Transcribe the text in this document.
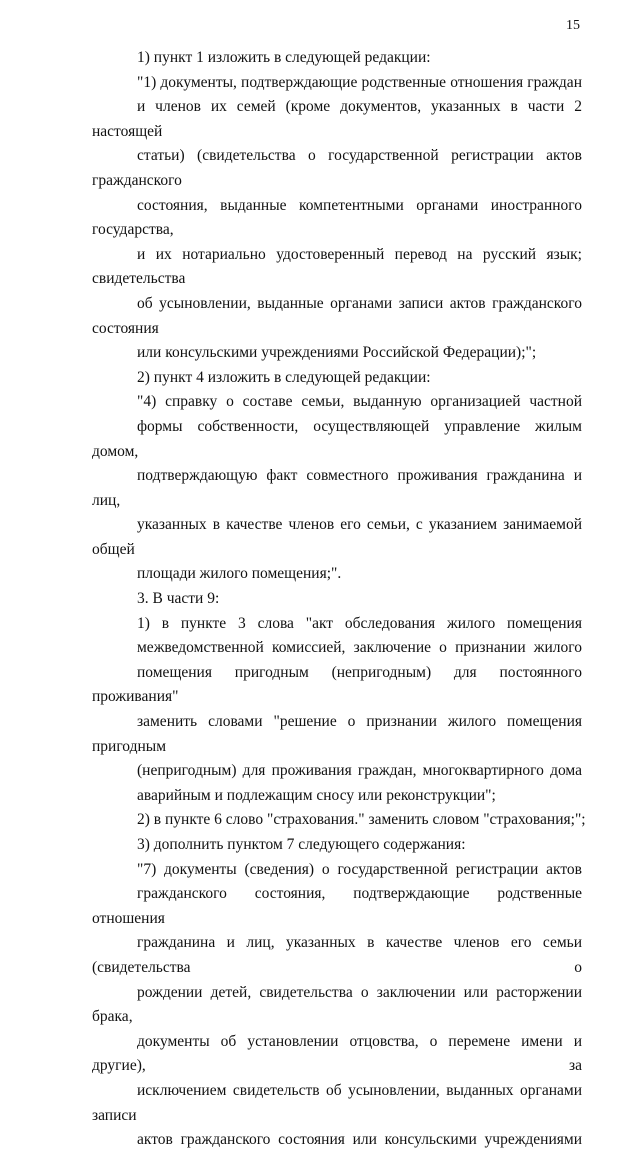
15

1) пункт 1 изложить в следующей редакции:

"1) документы, подтверждающие родственные отношения граждан
и членов их семей (кроме документов, указанных в части 2 настоящей
статьи) (свидетельства о государственной регистрации актов гражданского
состояния, выданные компетентными органами иностранного государства,
и их нотариально удостоверенный перевод на русский язык; свидетельства
об усыновлении, выданные органами записи актов гражданского состояния
или консульскими учреждениями Российской Федерации);";

2) пункт 4 изложить в следующей редакции:

"4) справку о составе семьи, выданную организацией частной
формы собственности, осуществляющей управление жилым домом,
подтверждающую факт совместного проживания гражданина и лиц,
указанных в качестве членов его семьи, с указанием занимаемой общей
площади жилого помещения;".

3. В части 9:

1) в пункте 3 слова "акт обследования жилого помещения
межведомственной комиссией, заключение о признании жилого
помещения пригодным (непригодным) для постоянного проживания"
заменить словами "решение о признании жилого помещения пригодным
(непригодным) для проживания граждан, многоквартирного дома
аварийным и подлежащим сносу или реконструкции";

2) в пункте 6 слово "страхования." заменить словом "страхования;";

3) дополнить пунктом 7 следующего содержания:

"7) документы (сведения) о государственной регистрации актов
гражданского состояния, подтверждающие родственные отношения
гражданина и лиц, указанных в качестве членов его семьи (свидетельства о
рождении детей, свидетельства о заключении или расторжении брака,
документы об установлении отцовства, о перемене имени и другие), за
исключением свидетельств об усыновлении, выданных органами записи
актов гражданского состояния или консульскими учреждениями
